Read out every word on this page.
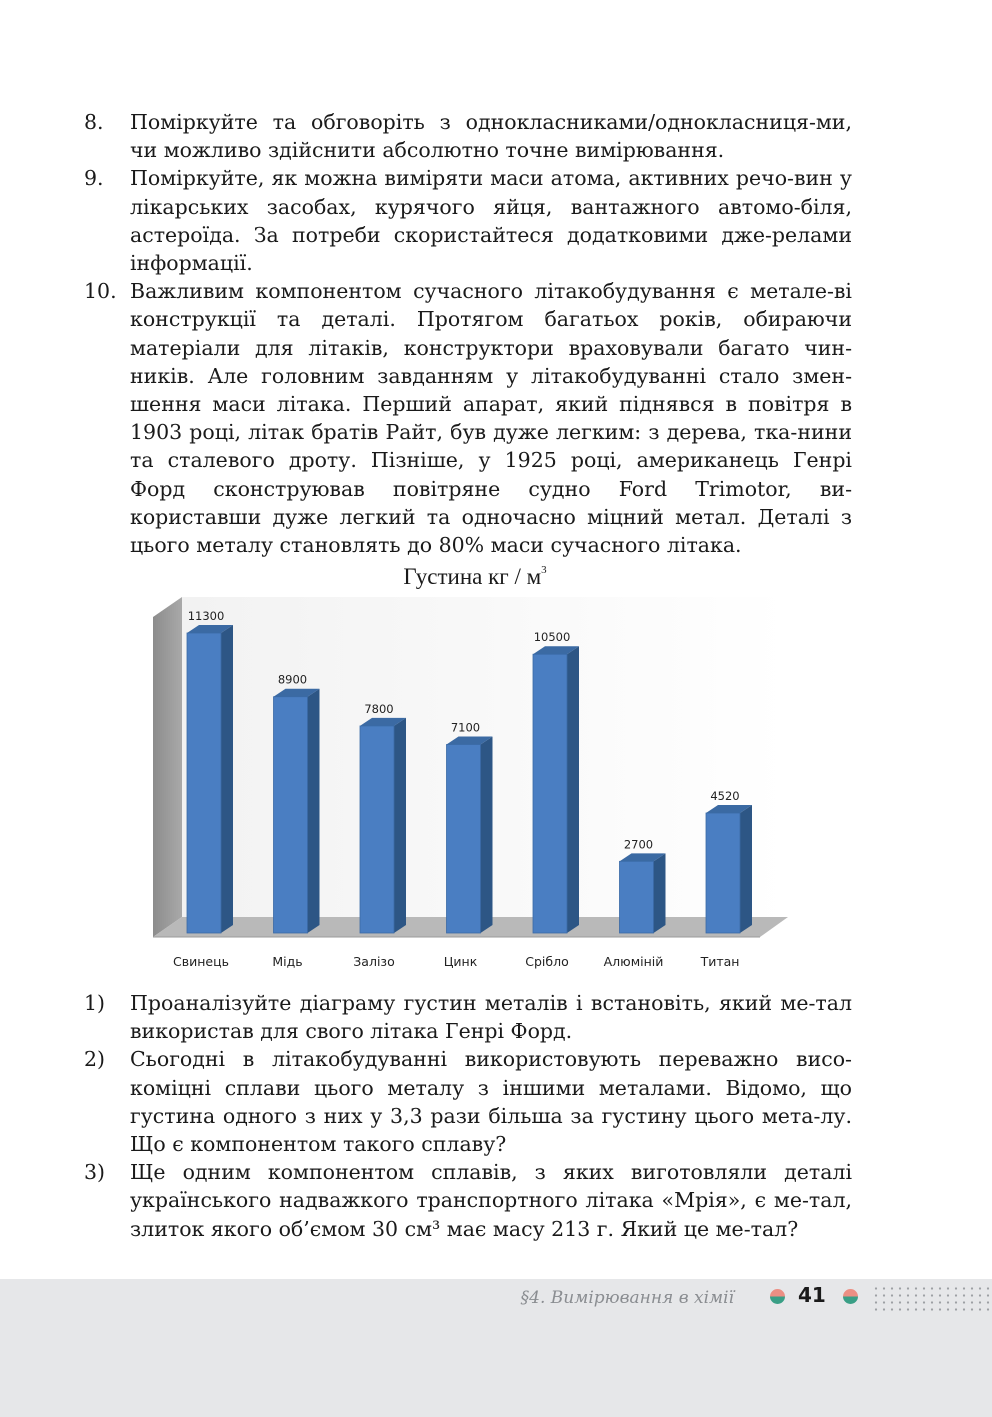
8.	Поміркуйте та обговоріть з однокласниками/однокласниця-ми, чи можливо здійснити абсолютно точне вимірювання.
9.	Поміркуйте, як можна виміряти маси атома, активних речо-вин у лікарських засобах, курячого яйця, вантажного автомо-біля, астероїда. За потреби скористайтеся додатковими дже-релами інформації.
10. Важливим компонентом сучасного літакобудування є метале-ві конструкції та деталі. Протягом багатьох років, обираючи матеріали для літаків, конструктори враховували багато чин-ників. Але головним завданням у літакобудуванні стало змен-шення маси літака. Перший апарат, який піднявся в повітря в 1903 році, літак братів Райт, був дуже легким: з дерева, тка-нини та сталевого дроту. Пізніше, у 1925 році, американець Генрі Форд сконструював повітряне судно Ford Trimotor, ви-користавши дуже легкий та одночасно міцний метал. Деталі з цього металу становлять до 80% маси сучасного літака.
Густина кг / $м^3$
11300
Свинець
8900
Мідь
7800
Залізо
7100
Цинк
10500
Срібло
2700
Алюміній
4520
Титан
1)	Проаналізуйте діаграму густин металів і встановіть, який ме-тал використав для свого літака Генрі Форд.
2)	Сьогодні в літакобудуванні використовують переважно висо-коміцні сплави цього металу з іншими металами. Відомо, що густина одного з них у 3,3 рази більша за густину цього мета-лу. Що є компонентом такого сплаву?
3)	Ще одним компонентом сплавів, з яких виготовляли деталі українського надважкого транспортного літака «Мрія», є ме-тал, злиток якого об’ємом 30 см³ має масу 213 г. Який це ме-тал?
§4. Вимірювання в хімії	41
